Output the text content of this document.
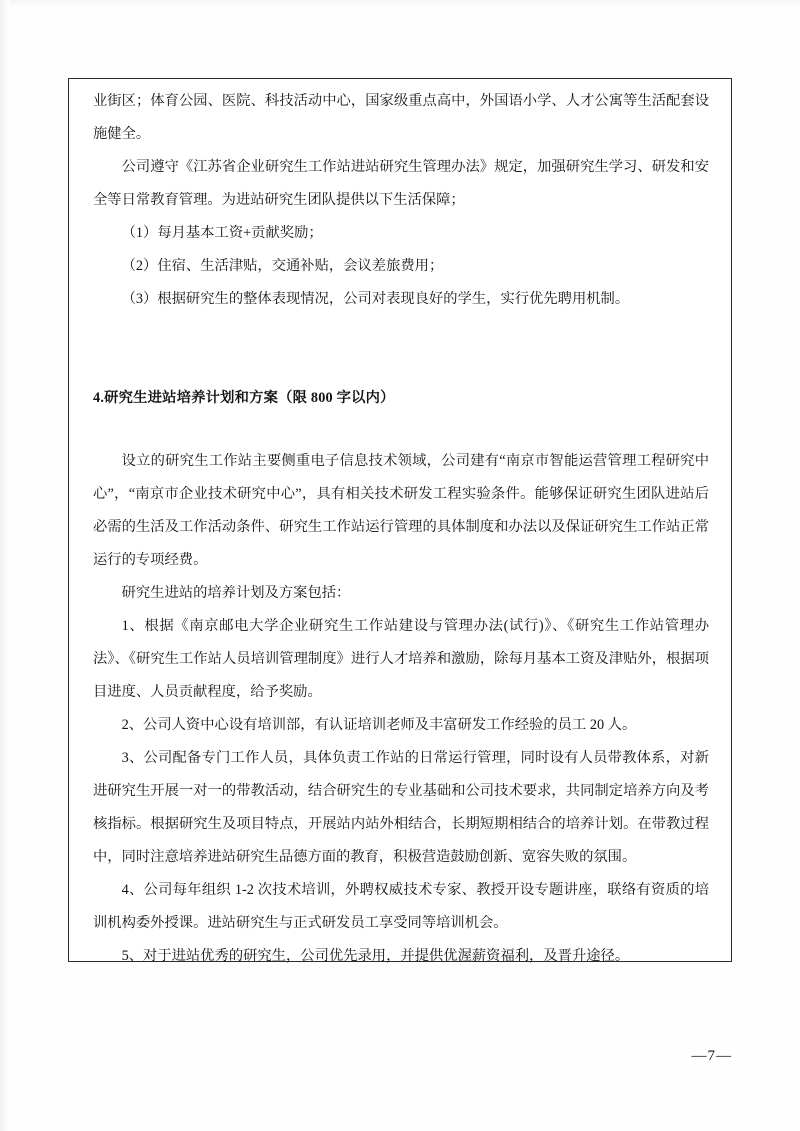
业街区；体育公园、医院、科技活动中心，国家级重点高中，外国语小学、人才公寓等生活配套设施健全。

公司遵守《江苏省企业研究生工作站进站研究生管理办法》规定，加强研究生学习、研发和安全等日常教育管理。为进站研究生团队提供以下生活保障；

（1）每月基本工资+贡献奖励；

（2）住宿、生活津贴，交通补贴，会议差旅费用；

（3）根据研究生的整体表现情况，公司对表现良好的学生，实行优先聘用机制。

4.研究生进站培养计划和方案（限 800 字以内）

设立的研究生工作站主要侧重电子信息技术领域，公司建有“南京市智能运营管理工程研究中心”，“南京市企业技术研究中心”，具有相关技术研发工程实验条件。能够保证研究生团队进站后必需的生活及工作活动条件、研究生工作站运行管理的具体制度和办法以及保证研究生工作站正常运行的专项经费。

研究生进站的培养计划及方案包括：

1、根据《南京邮电大学企业研究生工作站建设与管理办法(试行)》、《研究生工作站管理办法》、《研究生工作站人员培训管理制度》进行人才培养和激励，除每月基本工资及津贴外，根据项目进度、人员贡献程度，给予奖励。

2、公司人资中心设有培训部，有认证培训老师及丰富研发工作经验的员工 20 人。

3、公司配备专门工作人员，具体负责工作站的日常运行管理，同时设有人员带教体系，对新进研究生开展一对一的带教活动，结合研究生的专业基础和公司技术要求，共同制定培养方向及考核指标。根据研究生及项目特点，开展站内站外相结合，长期短期相结合的培养计划。在带教过程中，同时注意培养进站研究生品德方面的教育，积极营造鼓励创新、宽容失败的氛围。

4、公司每年组织 1-2 次技术培训，外聘权威技术专家、教授开设专题讲座，联络有资质的培训机构委外授课。进站研究生与正式研发员工享受同等培训机会。

5、对于进站优秀的研究生，公司优先录用，并提供优渥薪资福利，及晋升途径。

—7—
